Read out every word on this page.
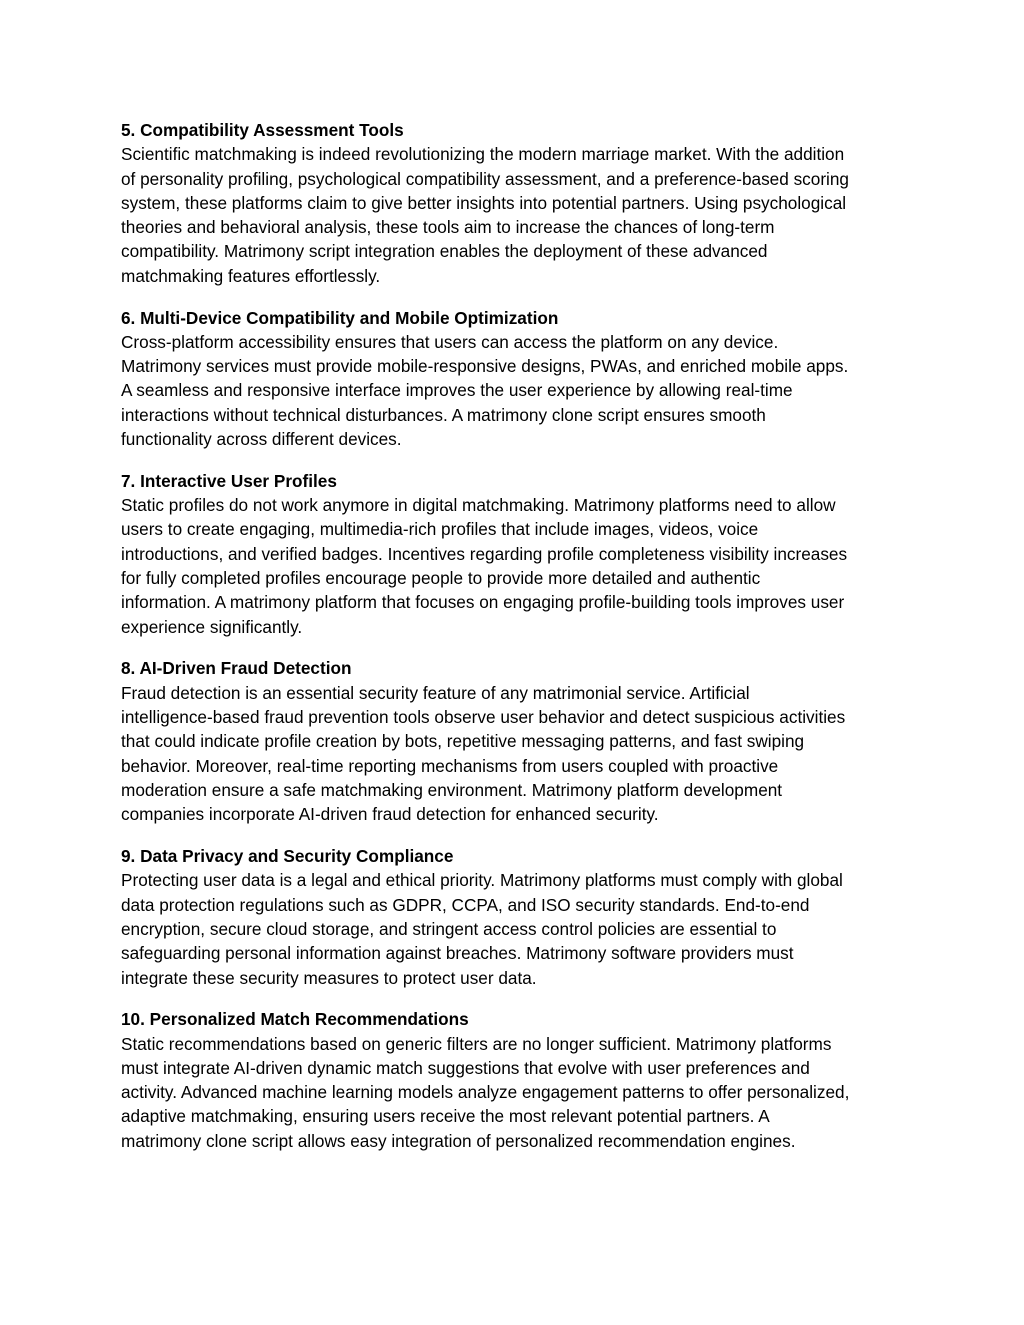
5. Compatibility Assessment Tools

Scientific matchmaking is indeed revolutionizing the modern marriage market. With the addition

of personality profiling, psychological compatibility assessment, and a preference-based scoring

system, these platforms claim to give better insights into potential partners. Using psychological

theories and behavioral analysis, these tools aim to increase the chances of long-term

compatibility. Matrimony script integration enables the deployment of these advanced

matchmaking features effortlessly.

6. Multi-Device Compatibility and Mobile Optimization

Cross-platform accessibility ensures that users can access the platform on any device.

Matrimony services must provide mobile-responsive designs, PWAs, and enriched mobile apps.

A seamless and responsive interface improves the user experience by allowing real-time

interactions without technical disturbances. A matrimony clone script ensures smooth

functionality across different devices.

7. Interactive User Profiles

Static profiles do not work anymore in digital matchmaking. Matrimony platforms need to allow

users to create engaging, multimedia-rich profiles that include images, videos, voice

introductions, and verified badges. Incentives regarding profile completeness visibility increases

for fully completed profiles encourage people to provide more detailed and authentic

information. A matrimony platform that focuses on engaging profile-building tools improves user

experience significantly.

8. AI-Driven Fraud Detection

Fraud detection is an essential security feature of any matrimonial service. Artificial

intelligence-based fraud prevention tools observe user behavior and detect suspicious activities

that could indicate profile creation by bots, repetitive messaging patterns, and fast swiping

behavior. Moreover, real-time reporting mechanisms from users coupled with proactive

moderation ensure a safe matchmaking environment. Matrimony platform development

companies incorporate AI-driven fraud detection for enhanced security.

9. Data Privacy and Security Compliance

Protecting user data is a legal and ethical priority. Matrimony platforms must comply with global

data protection regulations such as GDPR, CCPA, and ISO security standards. End-to-end

encryption, secure cloud storage, and stringent access control policies are essential to

safeguarding personal information against breaches. Matrimony software providers must

integrate these security measures to protect user data.

10. Personalized Match Recommendations

Static recommendations based on generic filters are no longer sufficient. Matrimony platforms

must integrate AI-driven dynamic match suggestions that evolve with user preferences and

activity. Advanced machine learning models analyze engagement patterns to offer personalized,

adaptive matchmaking, ensuring users receive the most relevant potential partners. A

matrimony clone script allows easy integration of personalized recommendation engines.
